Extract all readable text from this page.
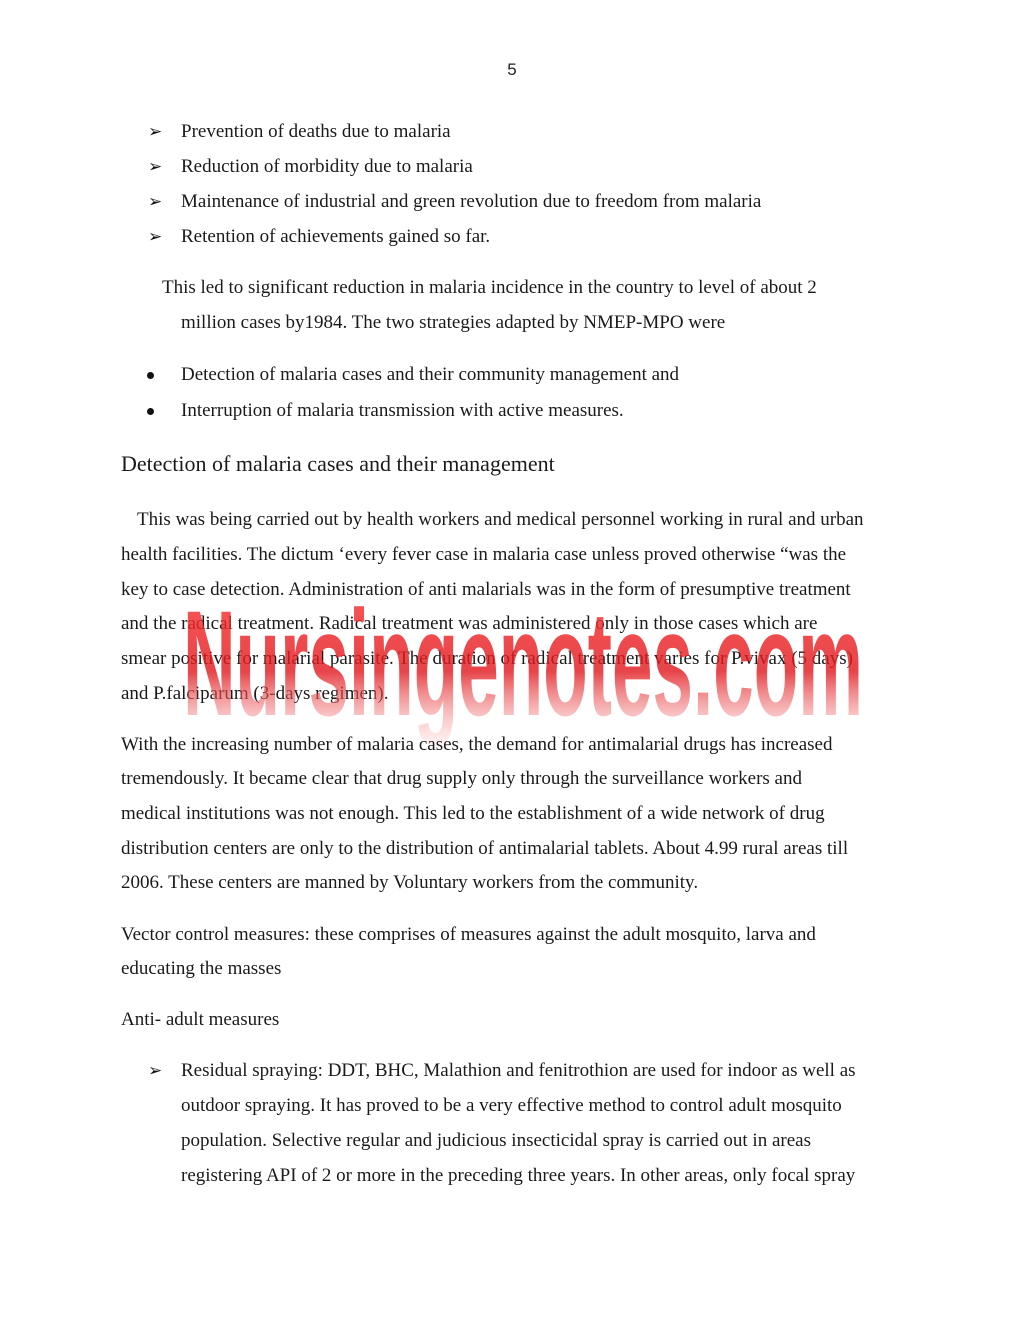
5
➢ Prevention of deaths due to malaria
➢ Reduction of morbidity due to malaria
➢ Maintenance of industrial and green revolution due to freedom from malaria
➢ Retention of achievements gained so far.
This led to significant reduction in malaria incidence in the country to level of about 2
million cases by1984. The two strategies adapted by NMEP-MPO were
Detection of malaria cases and their community management and
Interruption of malaria transmission with active measures.
Detection of malaria cases and their management
This was being carried out by health workers and medical personnel working in rural and urban
health facilities. The dictum ‘every fever case in malaria case unless proved otherwise “was the
key to case detection. Administration of anti malarials was in the form of presumptive treatment
and the radical treatment. Radical treatment was administered only in those cases which are
smear positive for malarial parasite. The duration of radical treatment varies for P.vivax (5 days)
and P.falciparum (3-days regimen).
Nursingenotes.com
With the increasing number of malaria cases, the demand for antimalarial drugs has increased
tremendously. It became clear that drug supply only through the surveillance workers and
medical institutions was not enough. This led to the establishment of a wide network of drug
distribution centers are only to the distribution of antimalarial tablets. About 4.99 rural areas till
2006. These centers are manned by Voluntary workers from the community.
Vector control measures: these comprises of measures against the adult mosquito, larva and
educating the masses
Anti- adult measures
➢ Residual spraying: DDT, BHC, Malathion and fenitrothion are used for indoor as well as
outdoor spraying. It has proved to be a very effective method to control adult mosquito
population. Selective regular and judicious insecticidal spray is carried out in areas
registering API of 2 or more in the preceding three years. In other areas, only focal spray
